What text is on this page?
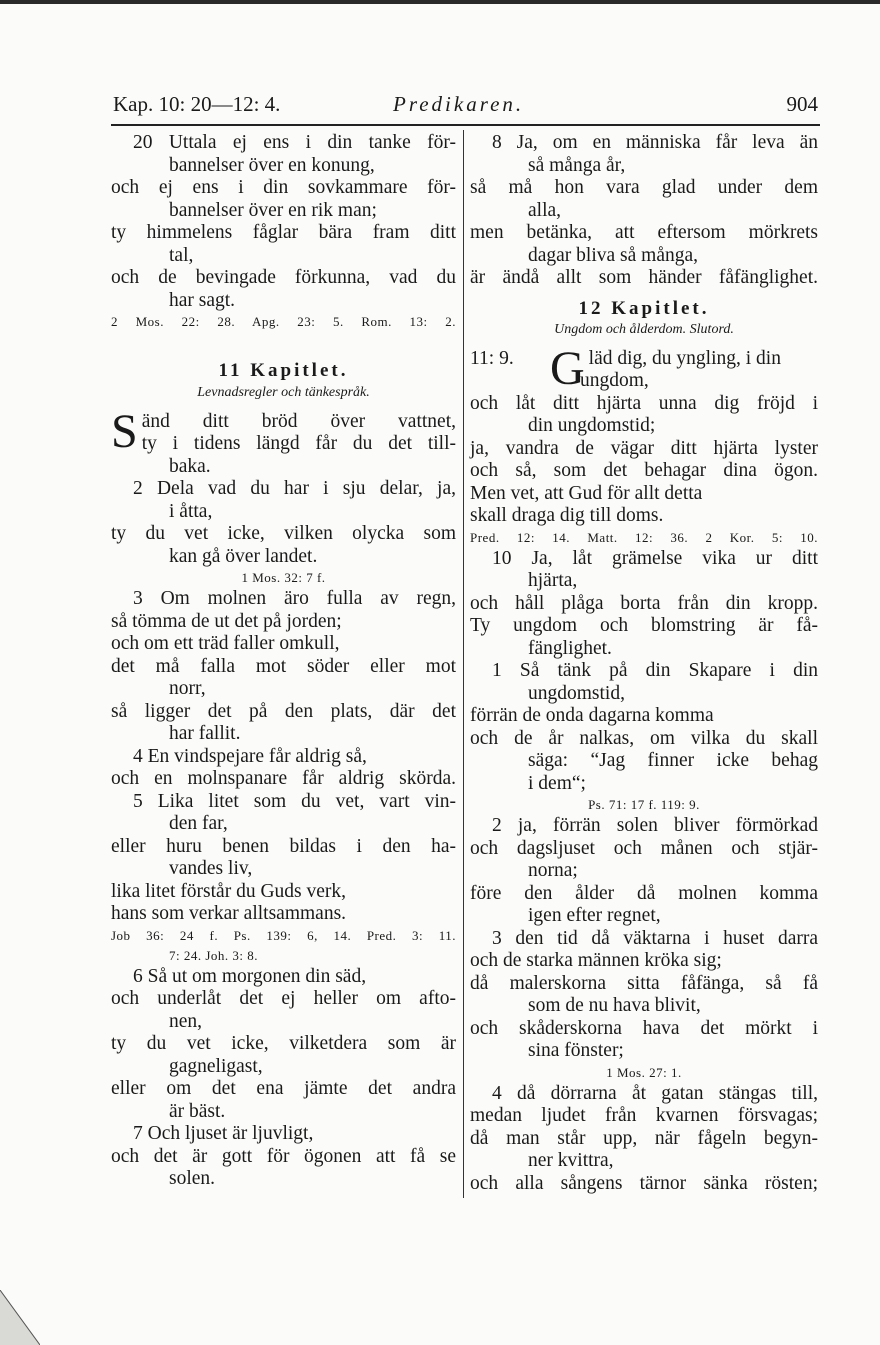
Kap. 10: 20—12: 4.	Predikaren.	904

20 Uttala ej ens i din tanke för-

bannelser över en konung,

och ej ens i din sovkammare för-

bannelser över en rik man;

ty himmelens fåglar bära fram ditt

tal,

och de bevingade förkunna, vad du

har sagt.

2 Mos. 22: 28. Apg. 23: 5. Rom. 13: 2.

11 Kapitlet.

Levnadsregler och tänkespråk.

S änd ditt bröd över vattnet,

ty i tidens längd får du det till-

baka.

2 Dela vad du har i sju delar, ja,

i åtta,

ty du vet icke, vilken olycka som

kan gå över landet.

1 Mos. 32: 7 f.

3 Om molnen äro fulla av regn,

så tömma de ut det på jorden;

och om ett träd faller omkull,

det må falla mot söder eller mot

norr,

så ligger det på den plats, där det

har fallit.

4 En vindspejare får aldrig så,

och en molnspanare får aldrig skörda.

5 Lika litet som du vet, vart vin-

den far,

eller huru benen bildas i den ha-

vandes liv,

lika litet förstår du Guds verk,

hans som verkar alltsammans.

Job 36: 24 f. Ps. 139: 6, 14. Pred. 3: 11.

7: 24. Joh. 3: 8.

6 Så ut om morgonen din säd,

och underlåt det ej heller om afto-

nen,

ty du vet icke, vilketdera som är

gagneligast,

eller om det ena jämte det andra

är bäst.

7 Och ljuset är ljuvligt,

och det är gott för ögonen att få se

solen.

8 Ja, om en människa får leva än

så många år,

så må hon vara glad under dem

alla,

men betänka, att eftersom mörkrets

dagar bliva så många,

är ändå allt som händer fåfänglighet.

12 Kapitlet.

Ungdom och ålderdom. Slutord.

11: 9. G läd dig, du yngling, i din

ungdom,

och låt ditt hjärta unna dig fröjd i

din ungdomstid;

ja, vandra de vägar ditt hjärta lyster

och så, som det behagar dina ögon.

Men vet, att Gud för allt detta

skall draga dig till doms.

Pred. 12: 14. Matt. 12: 36. 2 Kor. 5: 10.

10 Ja, låt grämelse vika ur ditt

hjärta,

och håll plåga borta från din kropp.

Ty ungdom och blomstring är få-

fänglighet.

1 Så tänk på din Skapare i din

ungdomstid,

förrän de onda dagarna komma

och de år nalkas, om vilka du skall

säga: “Jag finner icke behag

i dem“;

Ps. 71: 17 f. 119: 9.

2 ja, förrän solen bliver förmörkad

och dagsljuset och månen och stjär-

norna;

före den ålder då molnen komma

igen efter regnet,

3 den tid då väktarna i huset darra

och de starka männen kröka sig;

då malerskorna sitta fåfänga, så få

som de nu hava blivit,

och skåderskorna hava det mörkt i

sina fönster;

1 Mos. 27: 1.

4 då dörrarna åt gatan stängas till,

medan ljudet från kvarnen försvagas;

då man står upp, när fågeln begyn-

ner kvittra,

och alla sångens tärnor sänka rösten;
